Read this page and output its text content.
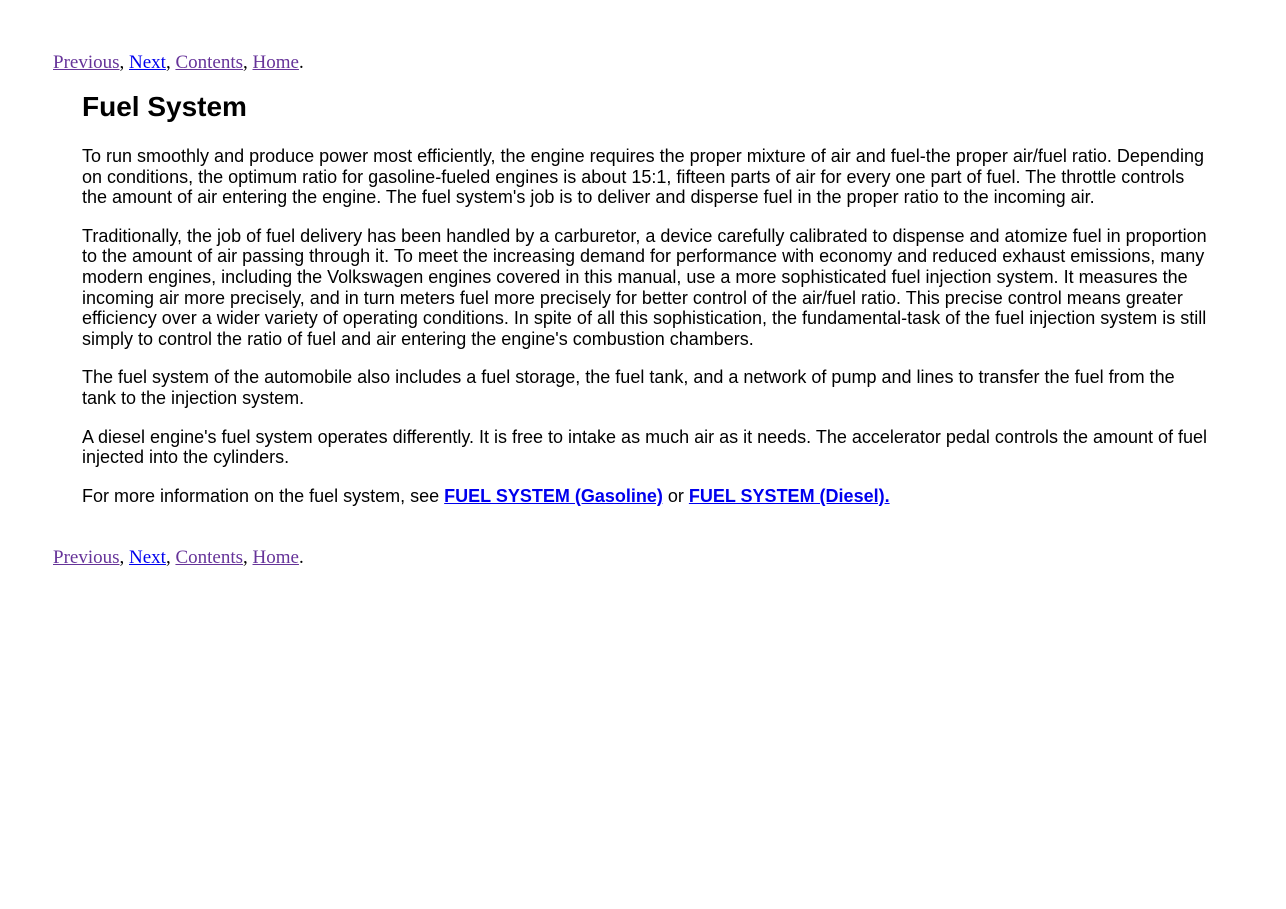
Previous, Next, Contents, Home.
Fuel System

To run smoothly and produce power most efficiently, the engine requires the proper mixture of air and fuel-the proper air/fuel ratio. Depending on conditions, the optimum ratio for gasoline-fueled engines is about 15:1, fifteen parts of air for every one part of fuel. The throttle controls the amount of air entering the engine. The fuel system's job is to deliver and disperse fuel in the proper ratio to the incoming air.

Traditionally, the job of fuel delivery has been handled by a carburetor, a device carefully calibrated to dispense and atomize fuel in proportion to the amount of air passing through it. To meet the increasing demand for performance with economy and reduced exhaust emissions, many modern engines, including the Volkswagen engines covered in this manual, use a more sophisticated fuel injection system. It measures the incoming air more precisely, and in turn meters fuel more precisely for better control of the air/fuel ratio. This precise control means greater efficiency over a wider variety of operating conditions. In spite of all this sophistication, the fundamental-task of the fuel injection system is still simply to control the ratio of fuel and air entering the engine's combustion chambers.

The fuel system of the automobile also includes a fuel storage, the fuel tank, and a network of pump and lines to transfer the fuel from the tank to the injection system.

A diesel engine's fuel system operates differently. It is free to intake as much air as it needs. The accelerator pedal controls the amount of fuel injected into the cylinders.

For more information on the fuel system, see FUEL SYSTEM (Gasoline) or FUEL SYSTEM (Diesel).

Previous, Next, Contents, Home.
